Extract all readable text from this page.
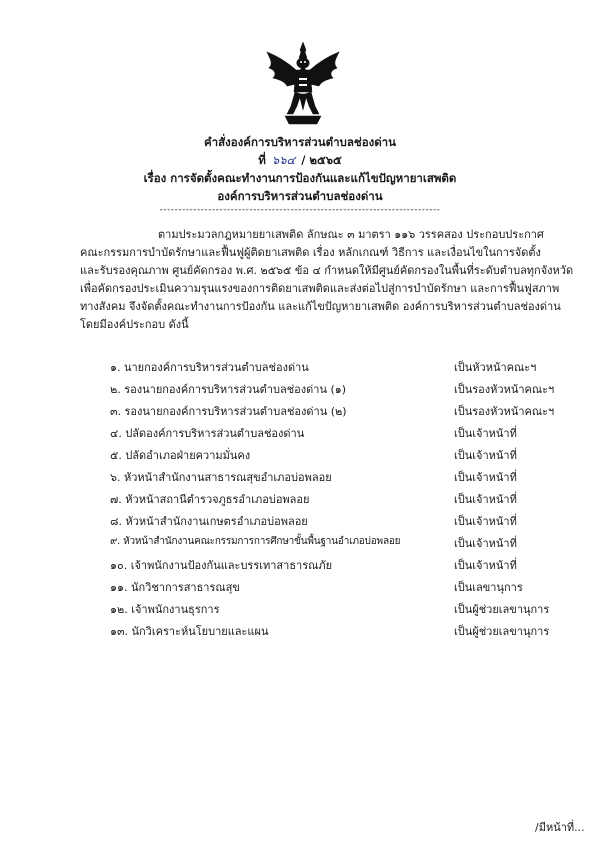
คำสั่งองค์การบริหารส่วนตำบลช่องด่าน
ที่ ๖๖๔ / ๒๕๖๕
เรื่อง การจัดตั้งคณะทำงานการป้องกันและแก้ไขปัญหายาเสพติด
องค์การบริหารส่วนตำบลช่องด่าน
---------------------------------------------------------------------------
ตามประมวลกฎหมายยาเสพติด ลักษณะ ๓ มาตรา ๑๑๖ วรรคสอง ประกอบประกาศ
คณะกรรมการบำบัดรักษาและฟื้นฟูผู้ติดยาเสพติด เรื่อง หลักเกณฑ์ วิธีการ และเงื่อนไขในการจัดตั้ง
และรับรองคุณภาพ ศูนย์คัดกรอง พ.ศ. ๒๕๖๕ ข้อ ๔ กำหนดให้มีศูนย์คัดกรองในพื้นที่ระดับตำบลทุกจังหวัด
เพื่อคัดกรองประเมินความรุนแรงของการติดยาเสพติดและส่งต่อไปสู่การบำบัดรักษา และการฟื้นฟูสภาพ
ทางสังคม จึงจัดตั้งคณะทำงานการป้องกัน และแก้ไขปัญหายาเสพติด องค์การบริหารส่วนตำบลช่องด่าน
โดยมีองค์ประกอบ ดังนี้
๑. นายกองค์การบริหารส่วนตำบลช่องด่าน	เป็นหัวหน้าคณะฯ
๒. รองนายกองค์การบริหารส่วนตำบลช่องด่าน (๑)	เป็นรองหัวหน้าคณะฯ
๓. รองนายกองค์การบริหารส่วนตำบลช่องด่าน (๒)	เป็นรองหัวหน้าคณะฯ
๔. ปลัดองค์การบริหารส่วนตำบลช่องด่าน	เป็นเจ้าหน้าที่
๕. ปลัดอำเภอฝ่ายความมั่นคง	เป็นเจ้าหน้าที่
๖. หัวหน้าสำนักงานสาธารณสุขอำเภอบ่อพลอย	เป็นเจ้าหน้าที่
๗. หัวหน้าสถานีตำรวจภูธรอำเภอบ่อพลอย	เป็นเจ้าหน้าที่
๘. หัวหน้าสำนักงานเกษตรอำเภอบ่อพลอย	เป็นเจ้าหน้าที่
๙. หัวหน้าสำนักงานคณะกรรมการการศึกษาขั้นพื้นฐานอำเภอบ่อพลอย	เป็นเจ้าหน้าที่
๑๐. เจ้าพนักงานป้องกันและบรรเทาสาธารณภัย	เป็นเจ้าหน้าที่
๑๑. นักวิชาการสาธารณสุข	เป็นเลขานุการ
๑๒. เจ้าพนักงานธุรการ	เป็นผู้ช่วยเลขานุการ
๑๓. นักวิเคราะห์นโยบายและแผน	เป็นผู้ช่วยเลขานุการ
/มีหน้าที่...
